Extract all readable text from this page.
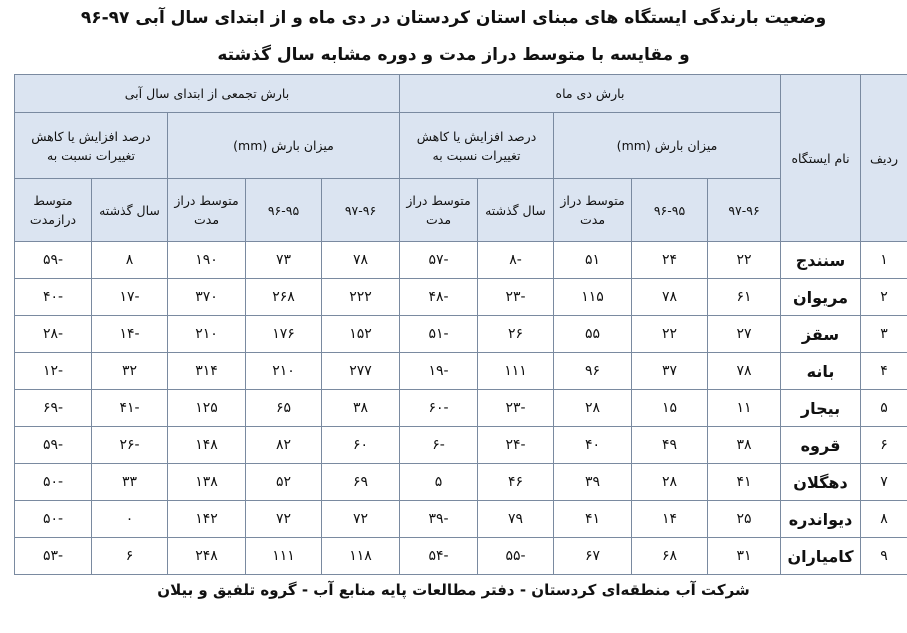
وضعیت بارندگی ایستگاه های مبنای استان کردستان در دی ماه و از ابتدای سال آبی ۹۷-۹۶
و مقایسه با متوسط دراز مدت و دوره مشابه سال گذشته
ردیف	نام ایستگاه	بارش دی ماه					بارش تجمعی از ابتدای سال آبی				
		میزان بارش (mm)			درصد افزایش یا کاهش تغییرات نسبت به		میزان بارش (mm)			درصد افزایش یا کاهش تغییرات نسبت به	
		۹۷-۹۶	۹۶-۹۵	متوسط دراز مدت	سال گذشته	متوسط دراز مدت	۹۷-۹۶	۹۶-۹۵	متوسط دراز مدت	سال گذشته	متوسط درازمدت
۱	سنندج	۲۲	۲۴	۵۱	-۸	-۵۷	۷۸	۷۳	۱۹۰	۸	-۵۹
۲	مریوان	۶۱	۷۸	۱۱۵	-۲۳	-۴۸	۲۲۲	۲۶۸	۳۷۰	-۱۷	-۴۰
۳	سقز	۲۷	۲۲	۵۵	۲۶	-۵۱	۱۵۲	۱۷۶	۲۱۰	-۱۴	-۲۸
۴	بانه	۷۸	۳۷	۹۶	۱۱۱	-۱۹	۲۷۷	۲۱۰	۳۱۴	۳۲	-۱۲
۵	بیجار	۱۱	۱۵	۲۸	-۲۳	-۶۰	۳۸	۶۵	۱۲۵	-۴۱	-۶۹
۶	قروه	۳۸	۴۹	۴۰	-۲۴	-۶	۶۰	۸۲	۱۴۸	-۲۶	-۵۹
۷	دهگلان	۴۱	۲۸	۳۹	۴۶	۵	۶۹	۵۲	۱۳۸	۳۳	-۵۰
۸	دیواندره	۲۵	۱۴	۴۱	۷۹	-۳۹	۷۲	۷۲	۱۴۲	۰	-۵۰
۹	کامیاران	۳۱	۶۸	۶۷	-۵۵	-۵۴	۱۱۸	۱۱۱	۲۴۸	۶	-۵۳
شرکت آب منطقه‌ای کردستان - دفتر مطالعات پایه منابع آب - گروه تلفیق و بیلان
